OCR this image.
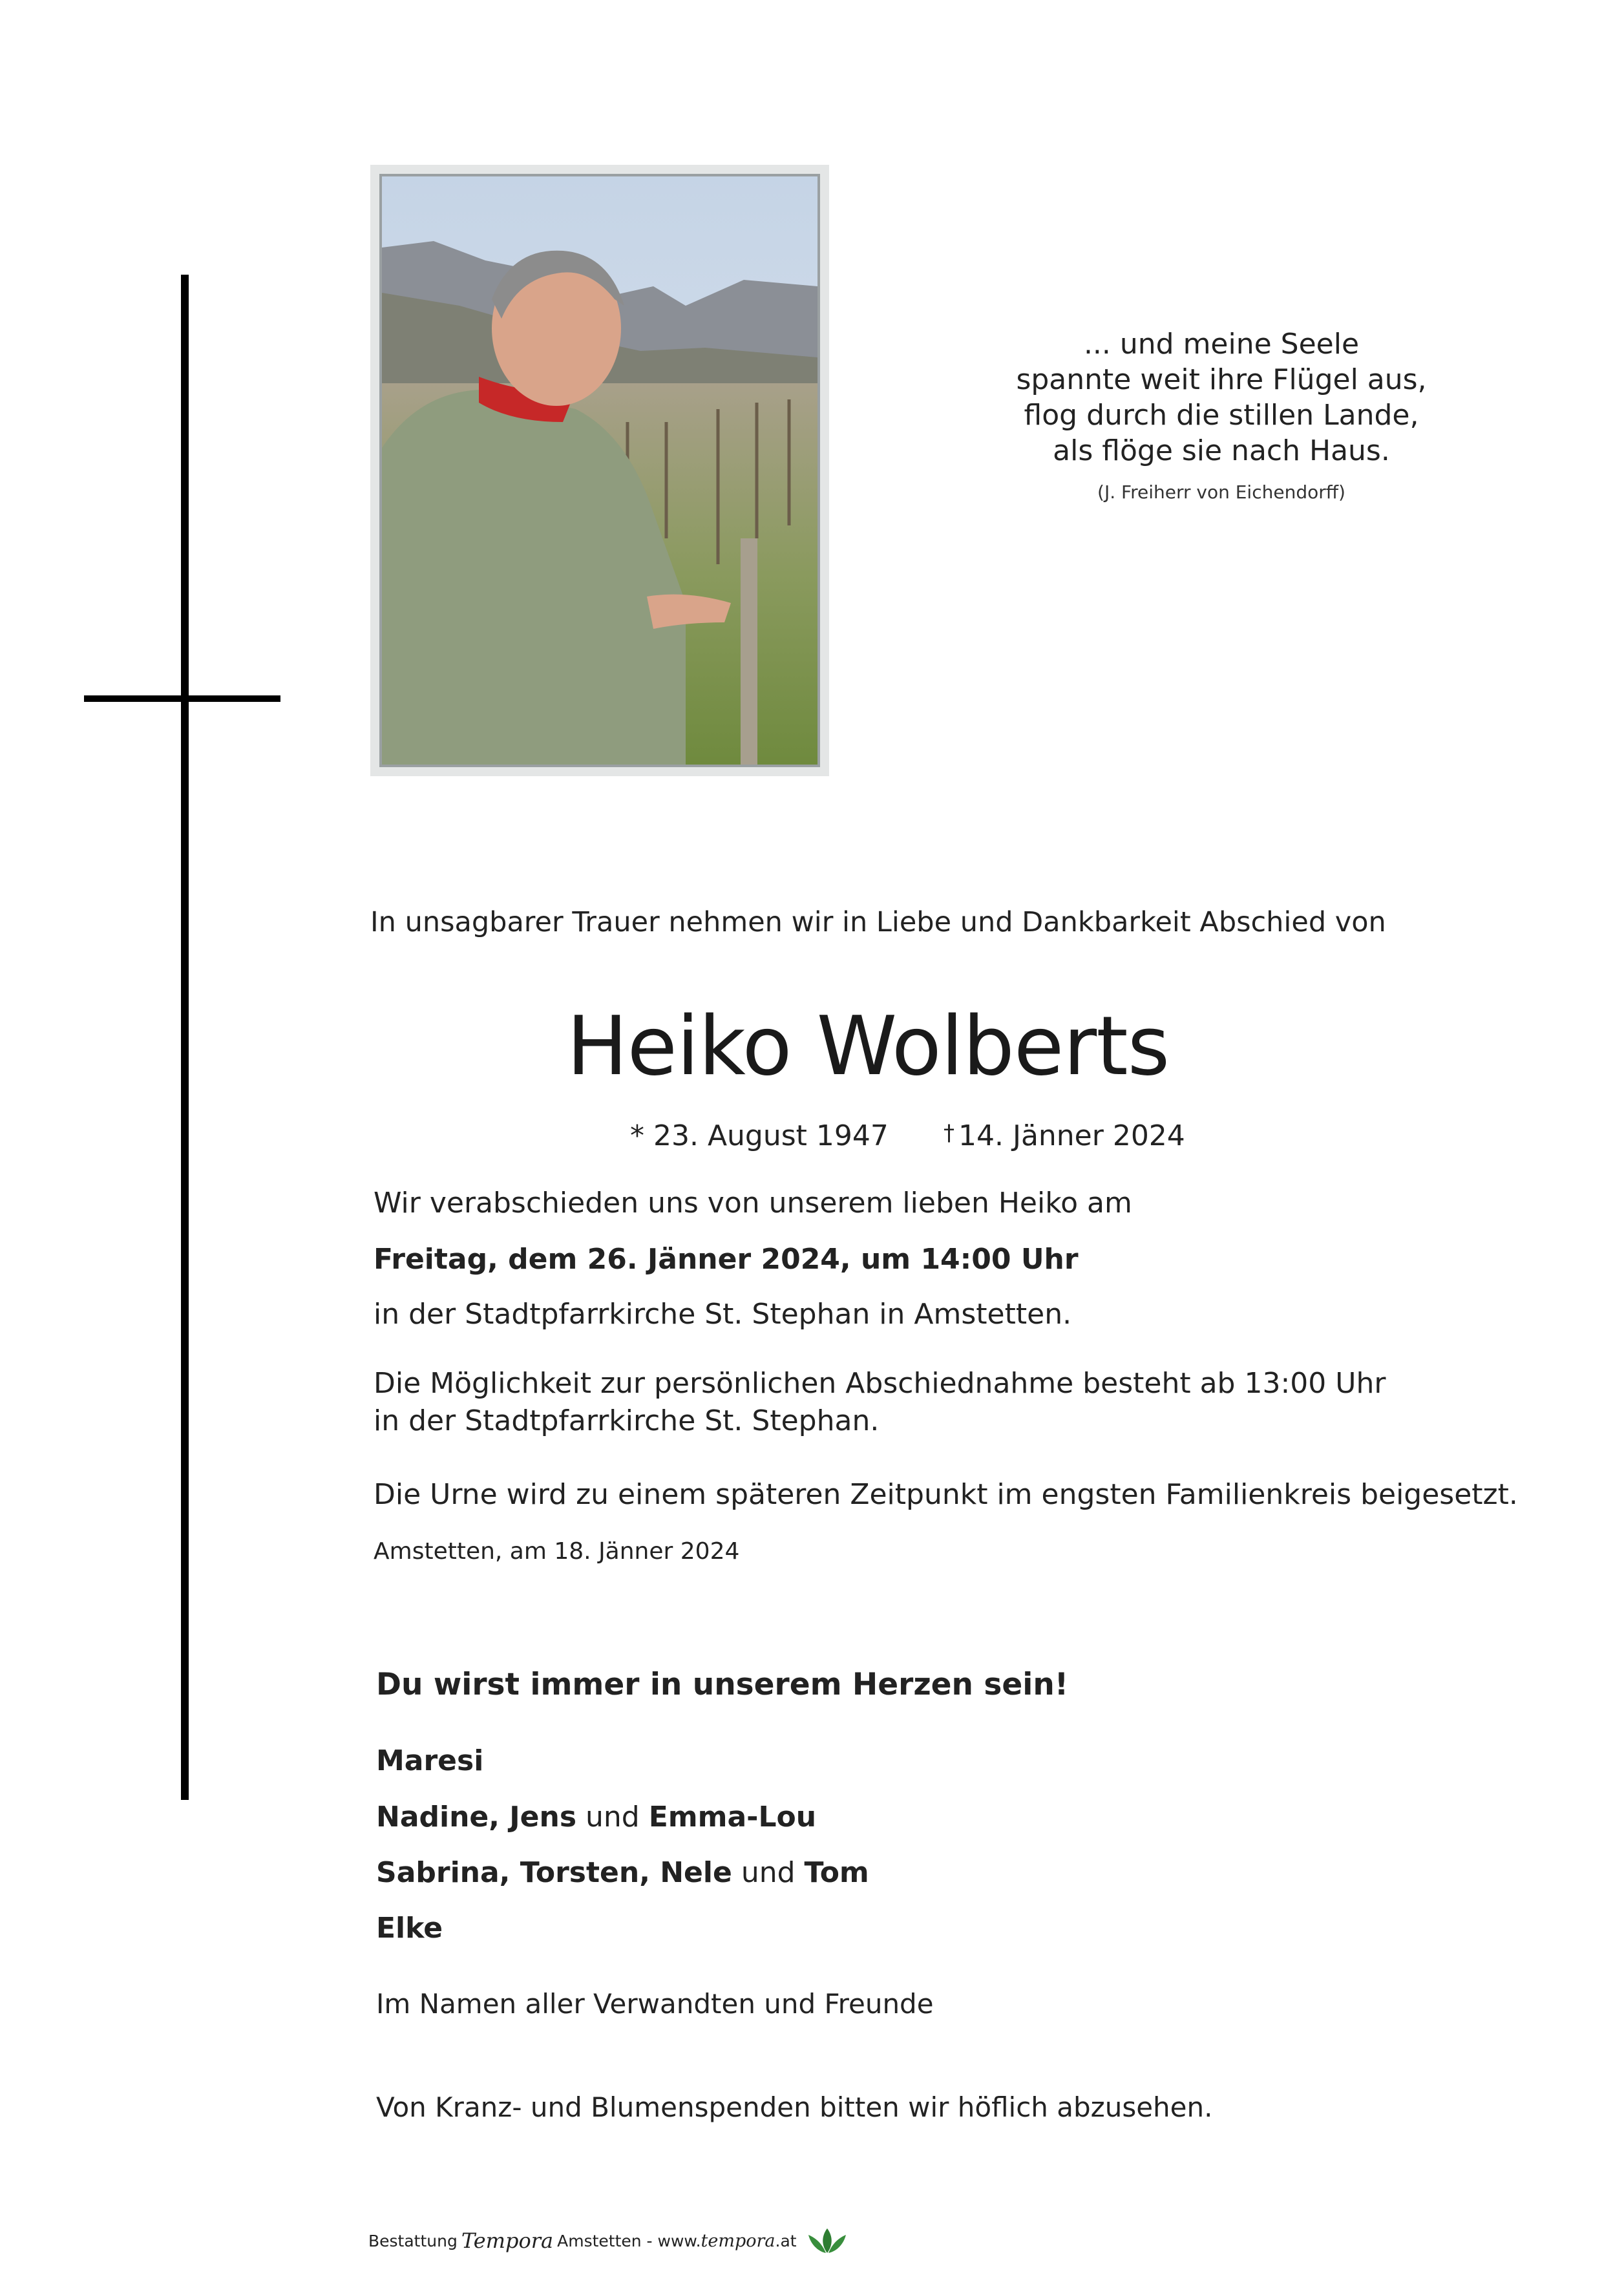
... und meine Seele
spannte weit ihre Flügel aus,
flog durch die stillen Lande,
als flöge sie nach Haus.
(J. Freiherr von Eichendorff)
In unsagbarer Trauer nehmen wir in Liebe und Dankbarkeit Abschied von
Heiko Wolberts
* 23. August 1947	† 14. Jänner 2024
Wir verabschieden uns von unserem lieben Heiko am
Freitag, dem 26. Jänner 2024, um 14:00 Uhr
in der Stadtpfarrkirche St. Stephan in Amstetten.
Die Möglichkeit zur persönlichen Abschiednahme besteht ab 13:00 Uhr
in der Stadtpfarrkirche St. Stephan.
Die Urne wird zu einem späteren Zeitpunkt im engsten Familienkreis beigesetzt.
Amstetten, am 18. Jänner 2024
Du wirst immer in unserem Herzen sein!
Maresi
Nadine, Jens und Emma-Lou
Sabrina, Torsten, Nele und Tom
Elke
Im Namen aller Verwandten und Freunde
Von Kranz- und Blumenspenden bitten wir höflich abzusehen.
Bestattung Tempora Amstetten - www. tempora .at
